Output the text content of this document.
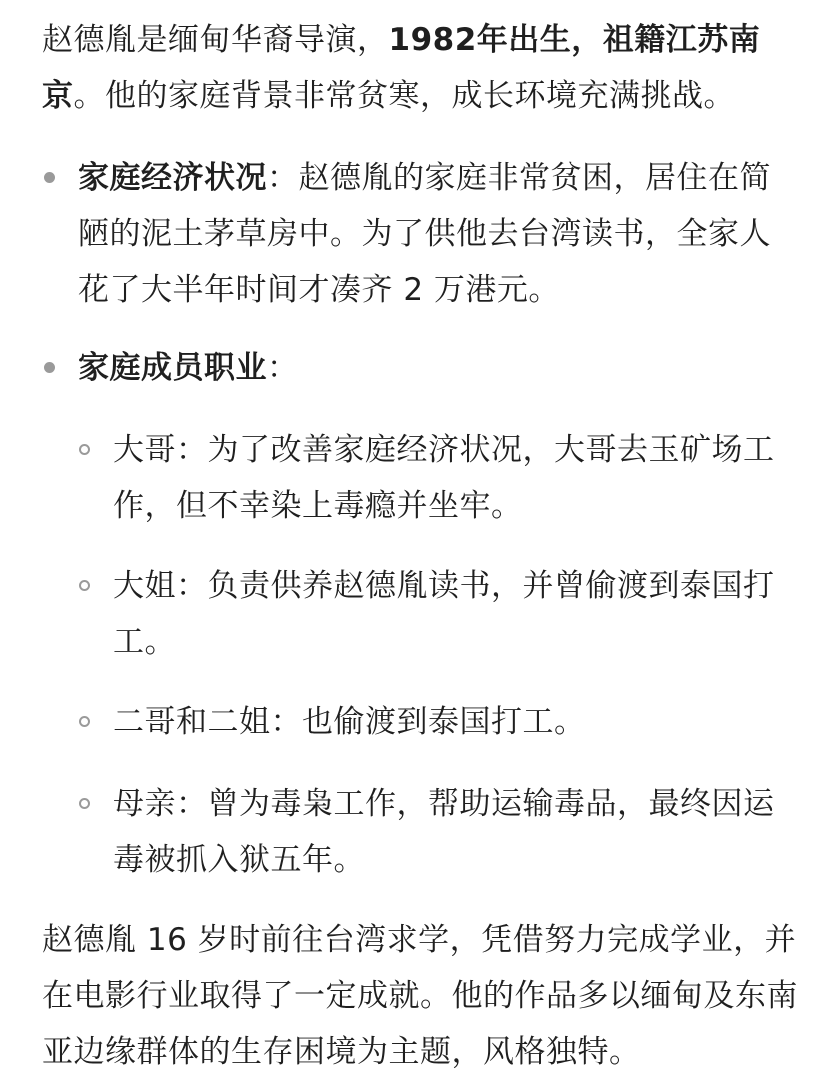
赵德胤是缅甸华裔导演，1982年出生，祖籍江苏南京。他的家庭背景非常贫寒，成长环境充满挑战。

家庭经济状况：赵德胤的家庭非常贫困，居住在简陋的泥土茅草房中。为了供他去台湾读书，全家人花了大半年时间才凑齐 2 万港元。
家庭成员职业：
大哥：为了改善家庭经济状况，大哥去玉矿场工作，但不幸染上毒瘾并坐牢。
大姐：负责供养赵德胤读书，并曾偷渡到泰国打工。
二哥和二姐：也偷渡到泰国打工。
母亲：曾为毒枭工作，帮助运输毒品，最终因运毒被抓入狱五年。

赵德胤 16 岁时前往台湾求学，凭借努力完成学业，并在电影行业取得了一定成就。他的作品多以缅甸及东南亚边缘群体的生存困境为主题，风格独特。
